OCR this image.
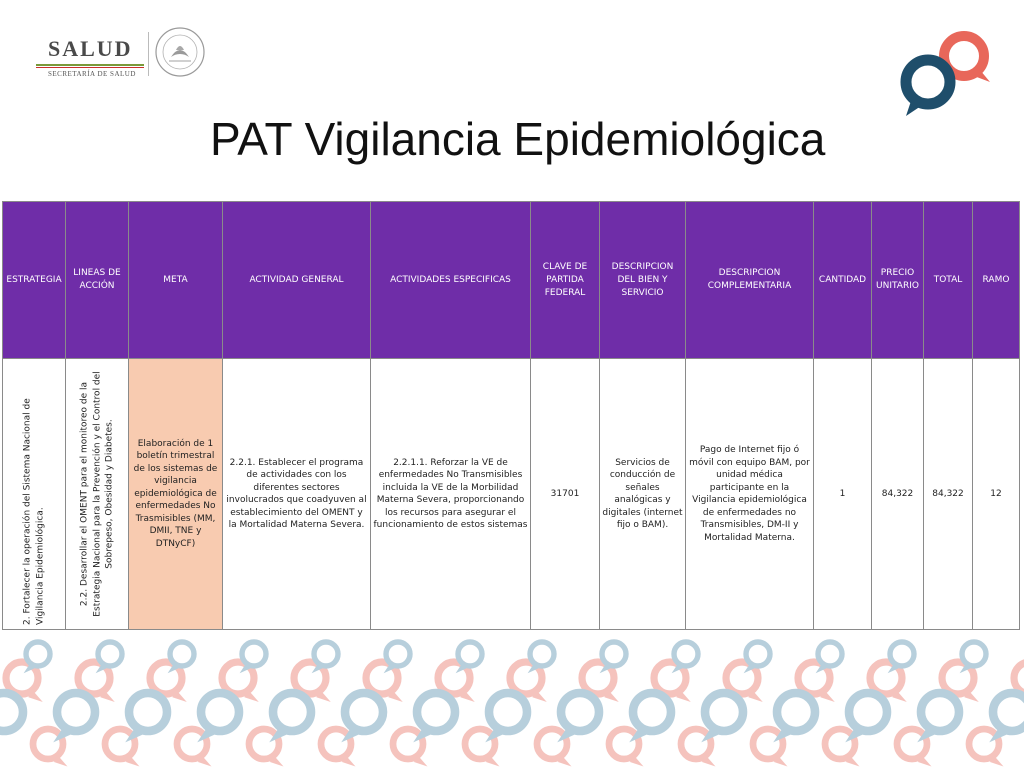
SALUD
SECRETARÍA DE SALUD
PAT Vigilancia Epidemiológica
ESTRATEGIA	LINEAS DE ACCIÓN	META	ACTIVIDAD GENERAL	ACTIVIDADES ESPECIFICAS	CLAVE DE PARTIDA FEDERAL	DESCRIPCION DEL BIEN Y SERVICIO	DESCRIPCION COMPLEMENTARIA	CANTIDAD	PRECIO UNITARIO	TOTAL	RAMO

2. Fortalecer la operación del Sistema Nacional de Vigilancia Epidemiológica.	2.2. Desarrollar el OMENT para el monitoreo de la Estrategia Nacional para la Prevención y el Control del Sobrepeso, Obesidad y Diabetes.	Elaboración de 1 boletín trimestral de los sistemas de vigilancia epidemiológica de enfermedades No Trasmisibles (MM, DMII, TNE y DTNyCF)	2.2.1. Establecer el programa de actividades con los diferentes sectores involucrados que coadyuven al establecimiento del OMENT y la Mortalidad Materna Severa.	2.2.1.1. Reforzar la VE de enfermedades No Transmisibles incluida la VE de la Morbilidad Materna Severa, proporcionando los recursos para asegurar el funcionamiento de estos sistemas	31701	Servicios de conducción de señales analógicas y digitales (internet fijo o BAM).	Pago de Internet fijo ó móvil con equipo BAM, por unidad médica participante en la Vigilancia epidemiológica de enfermedades no Transmisibles, DM-II y Mortalidad Materna.	1	84,322	84,322	12
